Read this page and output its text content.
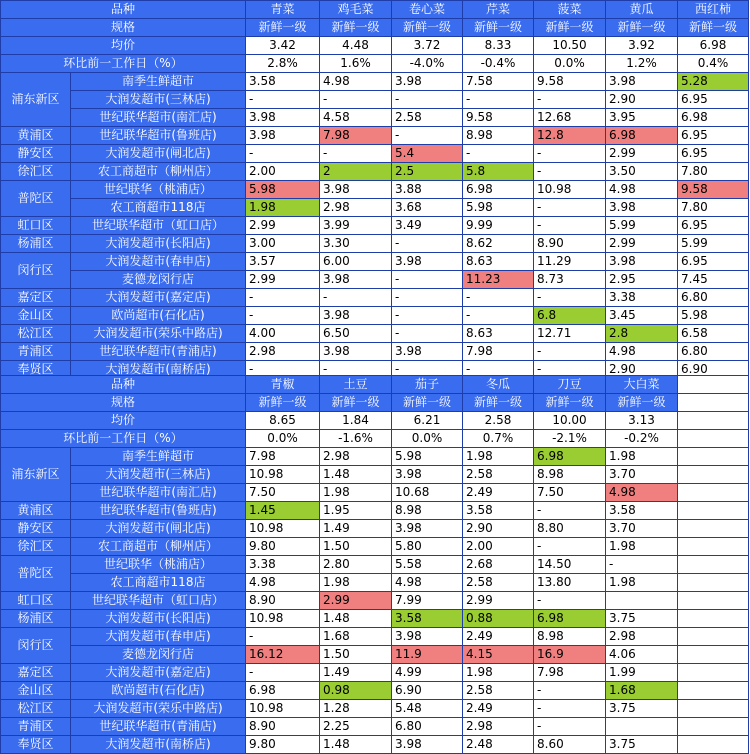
品种		青菜	鸡毛菜	卷心菜	芹菜	菠菜	黄瓜	西红柿
规格		新鲜一级	新鲜一级	新鲜一级	新鲜一级	新鲜一级	新鲜一级	新鲜一级
均价		3.42	4.48	3.72	8.33	10.50	3.92	6.98
环比前一工作日（%）		2.8%	1.6%	-4.0%	-0.4%	0.0%	1.2%	0.4%
浦东新区	南季生鲜超市	3.58	4.98	3.98	7.58	9.58	3.98	5.28
	大润发超市(三林店)	-	-	-	-	-	2.90	6.95
	世纪联华超市(南汇店)	3.98	4.58	2.58	9.58	12.68	3.95	6.98
黄浦区	世纪联华超市(鲁班店)	3.98	7.98	-	8.98	12.8	6.98	6.95
静安区	大润发超市(闸北店)	-	-	5.4	-	-	2.99	6.95
徐汇区	农工商超市（柳州店）	2.00	2	2.5	5.8	-	3.50	7.80
普陀区	世纪联华（桃浦店）	5.98	3.98	3.88	6.98	10.98	4.98	9.58
	农工商超市118店	1.98	2.98	3.68	5.98	-	3.98	7.80
虹口区	世纪联华超市（虹口店）	2.99	3.99	3.49	9.99	-	5.99	6.95
杨浦区	大润发超市(长阳店)	3.00	3.30	-	8.62	8.90	2.99	5.99
闵行区	大润发超市(春申店)	3.57	6.00	3.98	8.63	11.29	3.98	6.95
	麦德龙闵行店	2.99	3.98	-	11.23	8.73	2.95	7.45
嘉定区	大润发超市(嘉定店)	-	-	-	-	-	3.38	6.80
金山区	欧尚超市(石化店)	-	3.98	-	-	6.8	3.45	5.98
松江区	大润发超市(荣乐中路店)	4.00	6.50	-	8.63	12.71	2.8	6.58
青浦区	世纪联华超市(青浦店)	2.98	3.98	3.98	7.98	-	4.98	6.80
奉贤区	大润发超市(南桥店)	-	-	-	-	-	2.90	6.90
品种		青椒	土豆	茄子	冬瓜	刀豆	大白菜	
规格		新鲜一级	新鲜一级	新鲜一级	新鲜一级	新鲜一级	新鲜一级	
均价		8.65	1.84	6.21	2.58	10.00	3.13	
环比前一工作日（%）		0.0%	-1.6%	0.0%	0.7%	-2.1%	-0.2%	
浦东新区	南季生鲜超市	7.98	2.98	5.98	1.98	6.98	1.98	
	大润发超市(三林店)	10.98	1.48	3.98	2.58	8.98	3.70	
	世纪联华超市(南汇店)	7.50	1.98	10.68	2.49	7.50	4.98	
黄浦区	世纪联华超市(鲁班店)	1.45	1.95	8.98	3.58	-	3.58	
静安区	大润发超市(闸北店)	10.98	1.49	3.98	2.90	8.80	3.70	
徐汇区	农工商超市（柳州店）	9.80	1.50	5.80	2.00	-	1.98	
普陀区	世纪联华（桃浦店）	3.38	2.80	5.58	2.68	14.50	-	
	农工商超市118店	4.98	1.98	4.98	2.58	13.80	1.98	
虹口区	世纪联华超市（虹口店）	8.90	2.99	7.99	2.99	-		
杨浦区	大润发超市(长阳店)	10.98	1.48	3.58	0.88	6.98	3.75	
闵行区	大润发超市(春申店)	-	1.68	3.98	2.49	8.98	2.98	
	麦德龙闵行店	16.12	1.50	11.9	4.15	16.9	4.06	
嘉定区	大润发超市(嘉定店)	-	1.49	4.99	1.98	7.98	1.99	
金山区	欧尚超市(石化店)	6.98	0.98	6.90	2.58	-	1.68	
松江区	大润发超市(荣乐中路店)	10.98	1.28	5.48	2.49	-	3.75	
青浦区	世纪联华超市(青浦店)	8.90	2.25	6.80	2.98	-		
奉贤区	大润发超市(南桥店)	9.80	1.48	3.98	2.48	8.60	3.75	
